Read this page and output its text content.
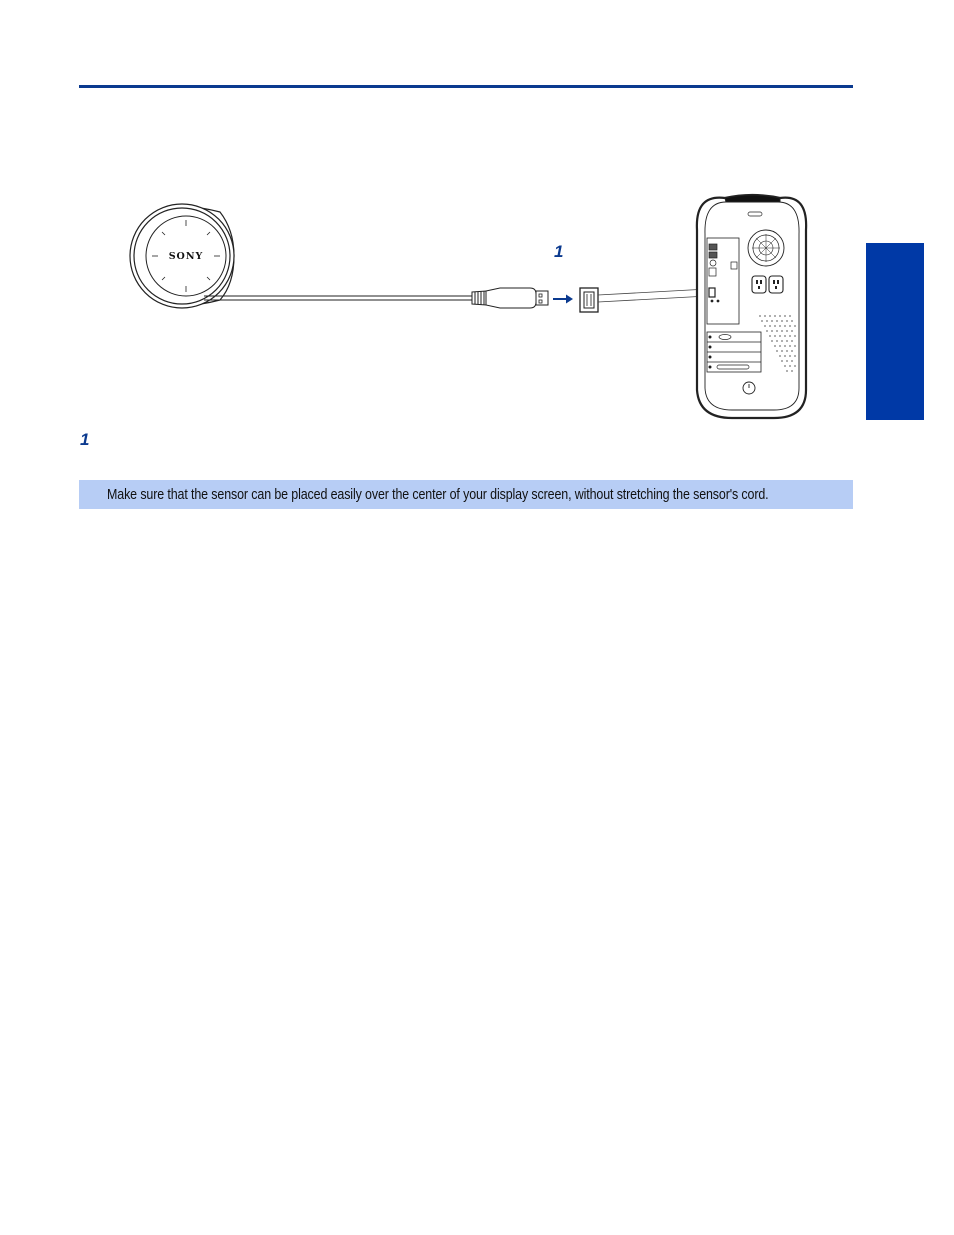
SONY	1
1
Make sure that the sensor can be placed easily over the center of your display screen, without stretching the sensor's cord.
